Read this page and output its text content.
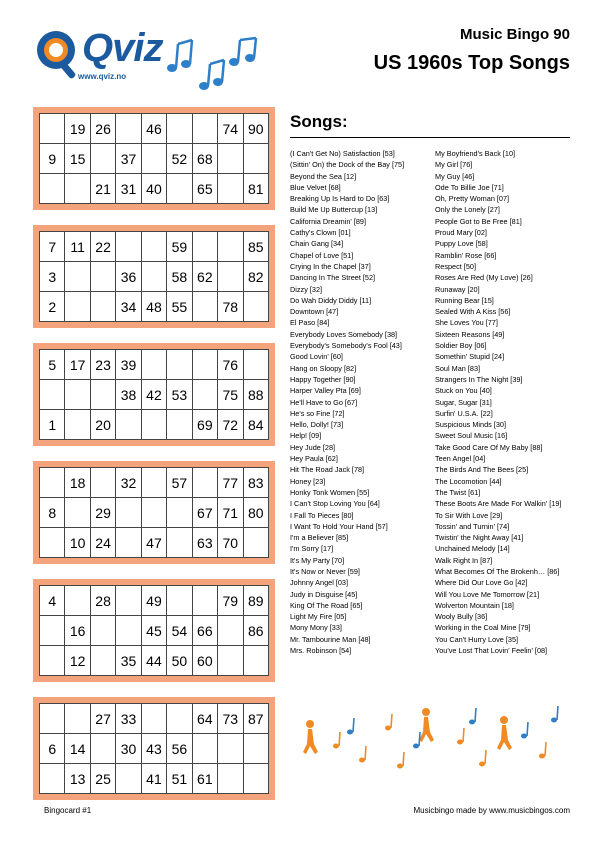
Music Bingo 90
US 1960s Top Songs
Qviz
www.qviz.no
	19	26		46			74	90
9	15		37		52	68		
		21	31	40		65		81
7	11	22			59			85
3			36		58	62		82
2			34	48	55		78	
5	17	23	39				76	
			38	42	53		75	88
1		20				69	72	84
	18		32		57		77	83
8		29				67	71	80
	10	24		47		63	70	
4		28		49			79	89
	16			45	54	66		86
	12		35	44	50	60		
		27	33			64	73	87
6	14		30	43	56			
	13	25		41	51	61		
Songs:
(I Can't Get No) Satisfaction [53]
(Sittin' On) the Dock of the Bay [75]
Beyond the Sea [12]
Blue Velvet [68]
Breaking Up Is Hard to Do [63]
Build Me Up Buttercup [13]
California Dreamin' [89]
Cathy's Clown [01]
Chain Gang [34]
Chapel of Love [51]
Crying In the Chapel [37]
Dancing In The Street [52]
Dizzy [32]
Do Wah Diddy Diddy [11]
Downtown [47]
El Paso [84]
Everybody Loves Somebody [38]
Everybody's Somebody's Fool [43]
Good Lovin' [60]
Hang on Sloopy [82]
Happy Together [90]
Harper Valley Pta [69]
He'll Have to Go [67]
He's so Fine [72]
Hello, Dolly! [73]
Help! [09]
Hey Jude [28]
Hey Paula [62]
Hit The Road Jack [78]
Honey [23]
Honky Tonk Women [55]
I Can't Stop Loving You [64]
I Fall To Pieces [80]
I Want To Hold Your Hand [57]
I'm a Believer [85]
I'm Sorry [17]
It's My Party [70]
It's Now or Never [59]
Johnny Angel [03]
Judy in Disguise [45]
King Of The Road [65]
Light My Fire [05]
Mony Mony [33]
Mr. Tambourine Man [48]
Mrs. Robinson [54]
My Boyfriend's Back [10]
My Girl [76]
My Guy [46]
Ode To Billie Joe [71]
Oh, Pretty Woman [07]
Only the Lonely [27]
People Got to Be Free [81]
Proud Mary [02]
Puppy Love [58]
Ramblin' Rose [66]
Respect [50]
Roses Are Red (My Love) [26]
Runaway [20]
Running Bear [15]
Sealed With A Kiss [56]
She Loves You [77]
Sixteen Reasons [49]
Soldier Boy [06]
Somethin' Stupid [24]
Soul Man [83]
Strangers In The Night [39]
Stuck on You [40]
Sugar, Sugar [31]
Surfin' U.S.A. [22]
Suspicious Minds [30]
Sweet Soul Music [16]
Take Good Care Of My Baby [88]
Teen Angel [04]
The Birds And The Bees [25]
The Locomotion [44]
The Twist [61]
These Boots Are Made For Walkin' [19]
To Sir With Love [29]
Tossin' and Turnin' [74]
Twistin' the Night Away [41]
Unchained Melody [14]
Walk Right In [87]
What Becomes Of The Brokenh… [86]
Where Did Our Love Go [42]
Will You Love Me Tomorrow [21]
Wolverton Mountain [18]
Wooly Bully [36]
Working in the Coal Mine [79]
You Can't Hurry Love [35]
You've Lost That Lovin' Feelin' [08]
Bingocard #1	Musicbingo made by www.musicbingos.com
